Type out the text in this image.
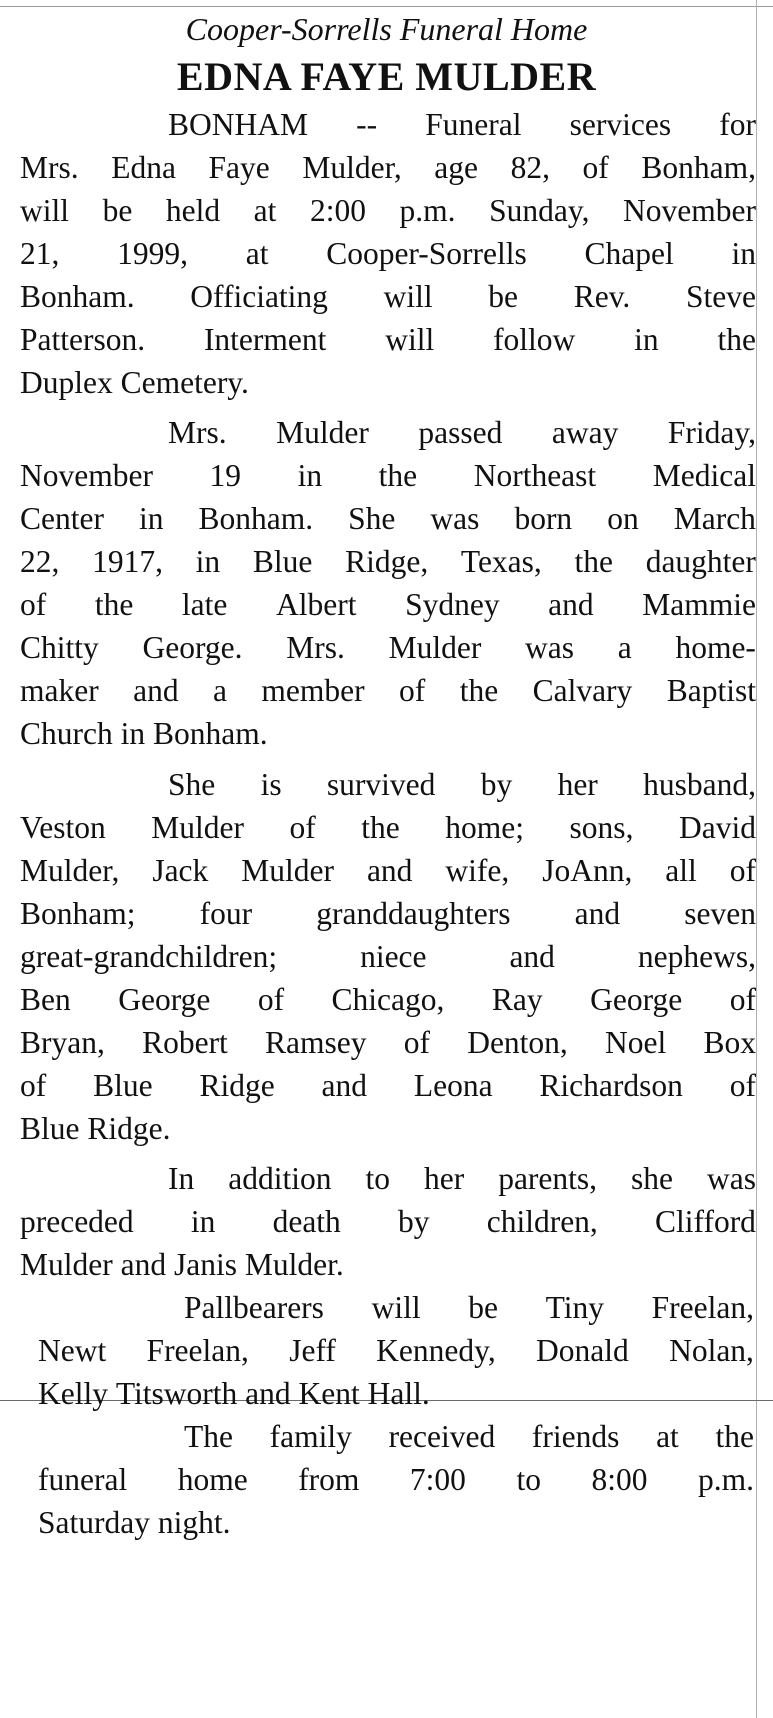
Cooper-Sorrells Funeral Home
EDNA FAYE MULDER
BONHAM -- Funeral services for
Mrs. Edna Faye Mulder, age 82, of Bonham,
will be held at 2:00 p.m. Sunday, November
21, 1999, at Cooper-Sorrells Chapel in
Bonham. Officiating will be Rev. Steve
Patterson. Interment will follow in the
Duplex
Cemetery.

Mrs. Mulder passed away Friday,
November 19 in the Northeast Medical
Center in Bonham. She was born on March
22, 1917, in Blue Ridge, Texas, the daughter
of the late Albert Sydney and Mammie
Chitty George. Mrs. Mulder was a home-
maker and a member of the Calvary Baptist
Church
in
Bonham.

She is survived by her husband,
Veston Mulder of the home; sons, David
Mulder, Jack Mulder and wife, JoAnn, all of
Bonham; four granddaughters and seven
great-grandchildren;	niece	and	nephews,
Ben George of Chicago, Ray George of
Bryan, Robert Ramsey of Denton, Noel Box
of Blue Ridge and Leona Richardson of
Blue
Ridge.

In addition to her parents, she was
preceded in death by children, Clifford
Mulder
and
Janis
Mulder.

Pallbearers will be Tiny Freelan,
Newt Freelan, Jeff Kennedy, Donald Nolan,
Kelly
Titsworth
and
Kent
Hall.

The family received friends at the
funeral home from 7:00 to 8:00 p.m.
Saturday
night.
